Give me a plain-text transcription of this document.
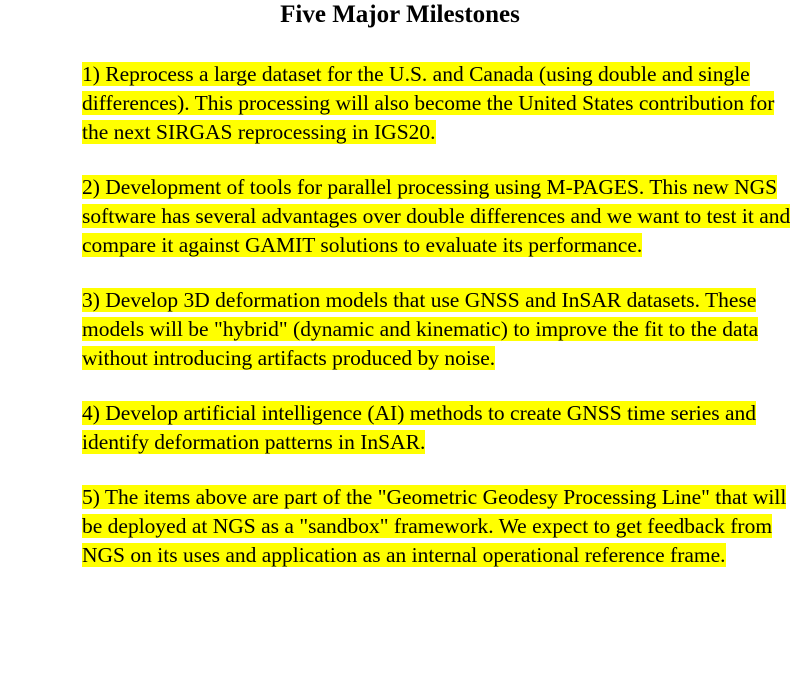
Five Major Milestones
1) Reprocess a large dataset for the U.S. and Canada (using double and single differences). This processing will also become the United States contribution for the next SIRGAS reprocessing in IGS20.
2) Development of tools for parallel processing using M-PAGES. This new NGS software has several advantages over double differences and we want to test it and compare it against GAMIT solutions to evaluate its performance.
3) Develop 3D deformation models that use GNSS and InSAR datasets. These models will be "hybrid" (dynamic and kinematic) to improve the fit to the data without introducing artifacts produced by noise.
4) Develop artificial intelligence (AI) methods to create GNSS time series and identify deformation patterns in InSAR.
5) The items above are part of the "Geometric Geodesy Processing Line" that will be deployed at NGS as a "sandbox" framework. We expect to get feedback from NGS on its uses and application as an internal operational reference frame.
